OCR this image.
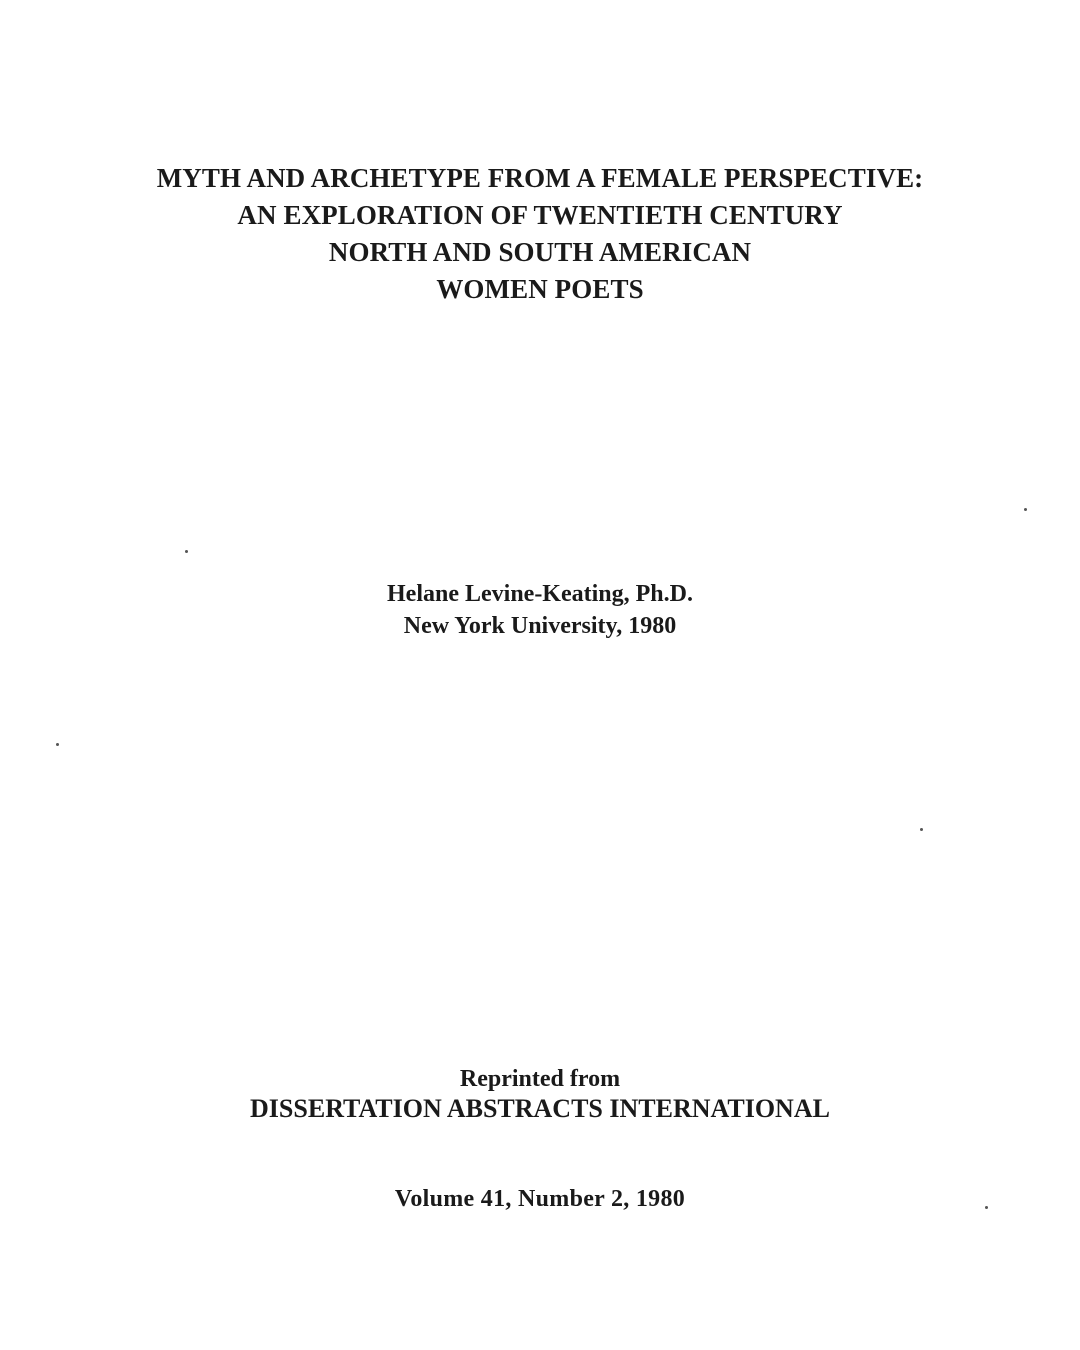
MYTH AND ARCHETYPE FROM A FEMALE PERSPECTIVE:
AN EXPLORATION OF TWENTIETH CENTURY
NORTH AND SOUTH AMERICAN
WOMEN POETS
Helane Levine-Keating, Ph.D.
New York University, 1980
Reprinted from
DISSERTATION ABSTRACTS INTERNATIONAL
Volume 41, Number 2, 1980
